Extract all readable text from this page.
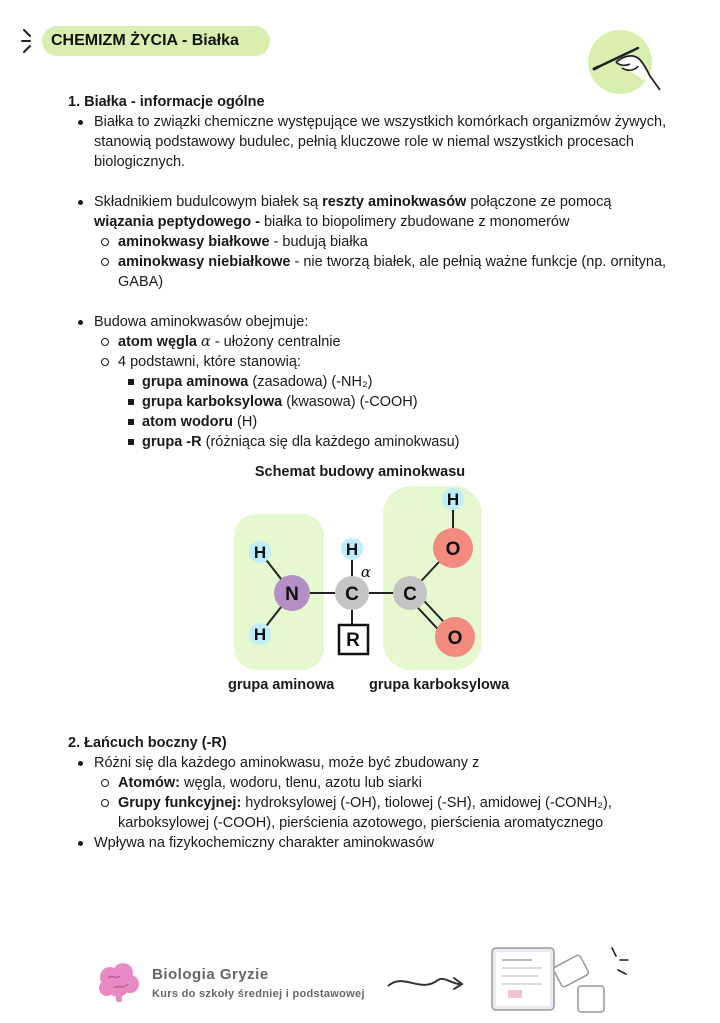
CHEMIZM ŻYCIA - Białka

1. Białka - informacje ogólne

Białka to związki chemiczne występujące we wszystkich komórkach organizmów żywych, stanowią podstawowy budulec, pełnią kluczowe role w niemal wszystkich procesach biologicznych.
Składnikiem budulcowym białek są reszty aminokwasów połączone ze pomocą wiązania peptydowego - białka to biopolimery zbudowane z monomerów
aminokwasy białkowe - budują białka
aminokwasy niebiałkowe - nie tworzą białek, ale pełnią ważne funkcje (np. ornityna, GABA)
Budowa aminokwasów obejmuje:
atom węgla α - ułożony centralnie
4 podstawni, które stanowią:
grupa aminowa (zasadowa) (-NH₂)
grupa karboksylowa (kwasowa) (-COOH)
atom wodoru (H)
grupa -R (różniąca się dla każdego aminokwasu)
Schemat budowy aminokwasu
H
H
H
H
N C
α
C
O
O
R
grupa aminowa grupa karboksylowa

2. Łańcuch boczny (-R)

Różni się dla każdego aminokwasu, może być zbudowany z
Atomów: węgla, wodoru, tlenu, azotu lub siarki
Grupy funkcyjnej: hydroksylowej (-OH), tiolowej (-SH), amidowej (-CONH₂), karboksylowej (-COOH), pierścienia azotowego, pierścienia aromatycznego
Wpływa na fizykochemiczny charakter aminokwasów
Biologia Gryzie
Kurs do szkoły średniej i podstawowej
